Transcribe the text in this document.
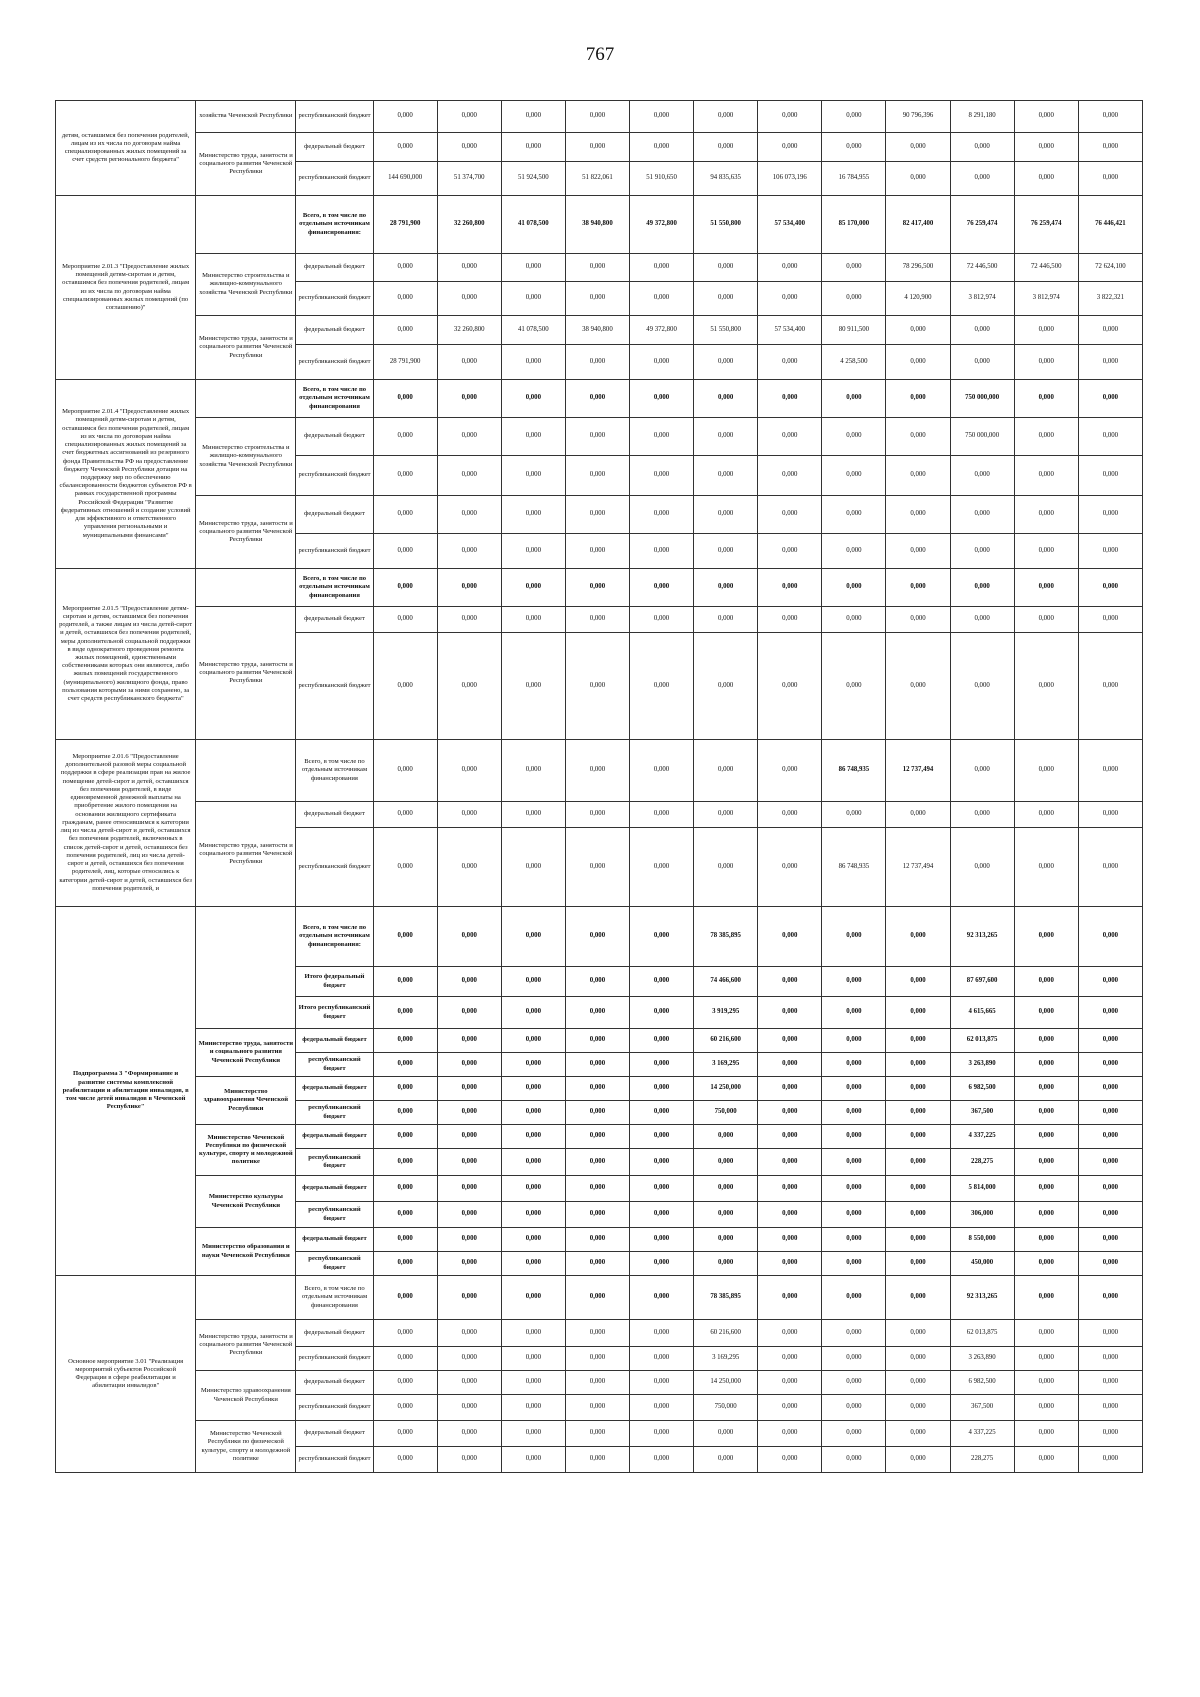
767
детям, оставшимся без попечения родителей, лицам из их числа по договорам найма специализированных жилых помещений за счет средств регионального бюджета"	хозяйства Чеченской Республики	республиканский бюджет	0,000	0,000	0,000	0,000	0,000	0,000	0,000	0,000	90 796,396	8 291,180	0,000	0,000
	Министерство труда, занятости и социального развития Чеченской Республики	федеральный бюджет	0,000	0,000	0,000	0,000	0,000	0,000	0,000	0,000	0,000	0,000	0,000	0,000
		республиканский бюджет	144 690,000	51 374,700	51 924,500	51 822,061	51 910,650	94 835,635	106 073,196	16 784,955	0,000	0,000	0,000	0,000
Мероприятие 2.01.3 "Предоставление жилых помещений детям-сиротам и детям, оставшимся без попечения родителей, лицам из их числа по договорам найма специализированных жилых помещений (по соглашению)"		Всего, в том числе по отдельным источникам финансирования:	28 791,900	32 260,800	41 078,500	38 940,800	49 372,800	51 550,800	57 534,400	85 170,000	82 417,400	76 259,474	76 259,474	76 446,421
	Министерство строительства и жилищно-коммунального хозяйства Чеченской Республики	федеральный бюджет	0,000	0,000	0,000	0,000	0,000	0,000	0,000	0,000	78 296,500	72 446,500	72 446,500	72 624,100
		республиканский бюджет	0,000	0,000	0,000	0,000	0,000	0,000	0,000	0,000	4 120,900	3 812,974	3 812,974	3 822,321
	Министерство труда, занятости и социального развития Чеченской Республики	федеральный бюджет	0,000	32 260,800	41 078,500	38 940,800	49 372,800	51 550,800	57 534,400	80 911,500	0,000	0,000	0,000	0,000
		республиканский бюджет	28 791,900	0,000	0,000	0,000	0,000	0,000	0,000	4 258,500	0,000	0,000	0,000	0,000
Мероприятие 2.01.4 "Предоставление жилых помещений детям-сиротам и детям, оставшимся без попечения родителей, лицам из их числа по договорам найма специализированных жилых помещений за счет бюджетных ассигнований из резервного фонда Правительства РФ на предоставление бюджету Чеченской Республики дотации на поддержку мер по обеспечению сбалансированности бюджетов субъектов РФ в рамках государственной программы Российской Федерации "Развитие федеративных отношений и создание условий для эффективного и ответственного управления региональными и муниципальными финансами"		Всего, в том числе по отдельным источникам финансирования	0,000	0,000	0,000	0,000	0,000	0,000	0,000	0,000	0,000	750 000,000	0,000	0,000
	Министерство строительства и жилищно-коммунального хозяйства Чеченской Республики	федеральный бюджет	0,000	0,000	0,000	0,000	0,000	0,000	0,000	0,000	0,000	750 000,000	0,000	0,000
		республиканский бюджет	0,000	0,000	0,000	0,000	0,000	0,000	0,000	0,000	0,000	0,000	0,000	0,000
	Министерство труда, занятости и социального развития Чеченской Республики	федеральный бюджет	0,000	0,000	0,000	0,000	0,000	0,000	0,000	0,000	0,000	0,000	0,000	0,000
		республиканский бюджет	0,000	0,000	0,000	0,000	0,000	0,000	0,000	0,000	0,000	0,000	0,000	0,000
Мероприятие 2.01.5 "Предоставление детям-сиротам и детям, оставшимся без попечения родителей, а также лицам из числа детей-сирот и детей, оставшихся без попечения родителей, меры дополнительной социальной поддержки в виде однократного проведения ремонта жилых помещений, единственными собственниками которых они являются, либо жилых помещений государственного (муниципального) жилищного фонда, право пользования которыми за ними сохранено, за счет средств республиканского бюджета"		Всего, в том числе по отдельным источникам финансирования	0,000	0,000	0,000	0,000	0,000	0,000	0,000	0,000	0,000	0,000	0,000	0,000
	Министерство труда, занятости и социального развития Чеченской Республики	федеральный бюджет	0,000	0,000	0,000	0,000	0,000	0,000	0,000	0,000	0,000	0,000	0,000	0,000
		республиканский бюджет	0,000	0,000	0,000	0,000	0,000	0,000	0,000	0,000	0,000	0,000	0,000	0,000
Мероприятие 2.01.6 "Предоставление дополнительной разовой меры социальной поддержки в сфере реализации прав на жилое помещение детей-сирот и детей, оставшихся без попечения родителей, в виде единовременной денежной выплаты на приобретение жилого помещения на основании жилищного сертификата гражданам, ранее относившимся к категории лиц из числа детей-сирот и детей, оставшихся без попечения родителей, включенных в список детей-сирот и детей, оставшихся без попечения родителей, лиц из числа детей-сирот и детей, оставшихся без попечения родителей, лиц, которые относились к категории детей-сирот и детей, оставшихся без попечения родителей, и		Всего, в том числе по отдельным источникам финансирования	0,000	0,000	0,000	0,000	0,000	0,000	0,000	86 748,935	12 737,494	0,000	0,000	0,000
	Министерство труда, занятости и социального развития Чеченской Республики	федеральный бюджет	0,000	0,000	0,000	0,000	0,000	0,000	0,000	0,000	0,000	0,000	0,000	0,000
		республиканский бюджет	0,000	0,000	0,000	0,000	0,000	0,000	0,000	86 748,935	12 737,494	0,000	0,000	0,000
Подпрограмма 3 "Формирование и развитие системы комплексной реабилитации и абилитации инвалидов, в том числе детей инвалидов в Чеченской Республике"		Всего, в том числе по отдельным источникам финансирования:	0,000	0,000	0,000	0,000	0,000	78 385,895	0,000	0,000	0,000	92 313,265	0,000	0,000
		Итого федеральный бюджет	0,000	0,000	0,000	0,000	0,000	74 466,600	0,000	0,000	0,000	87 697,600	0,000	0,000
		Итого республиканский бюджет	0,000	0,000	0,000	0,000	0,000	3 919,295	0,000	0,000	0,000	4 615,665	0,000	0,000
	Министерство труда, занятости и социального развития Чеченской Республики	федеральный бюджет	0,000	0,000	0,000	0,000	0,000	60 216,600	0,000	0,000	0,000	62 013,875	0,000	0,000
		республиканский бюджет	0,000	0,000	0,000	0,000	0,000	3 169,295	0,000	0,000	0,000	3 263,890	0,000	0,000
	Министерство здравоохранения Чеченской Республики	федеральный бюджет	0,000	0,000	0,000	0,000	0,000	14 250,000	0,000	0,000	0,000	6 982,500	0,000	0,000
		республиканский бюджет	0,000	0,000	0,000	0,000	0,000	750,000	0,000	0,000	0,000	367,500	0,000	0,000
	Министерство Чеченской Республики по физической культуре, спорту и молодежной политике	федеральный бюджет	0,000	0,000	0,000	0,000	0,000	0,000	0,000	0,000	0,000	4 337,225	0,000	0,000
		республиканский бюджет	0,000	0,000	0,000	0,000	0,000	0,000	0,000	0,000	0,000	228,275	0,000	0,000
	Министерство культуры Чеченской Республики	федеральный бюджет	0,000	0,000	0,000	0,000	0,000	0,000	0,000	0,000	0,000	5 814,000	0,000	0,000
		республиканский бюджет	0,000	0,000	0,000	0,000	0,000	0,000	0,000	0,000	0,000	306,000	0,000	0,000
	Министерство образования и науки Чеченской Республики	федеральный бюджет	0,000	0,000	0,000	0,000	0,000	0,000	0,000	0,000	0,000	8 550,000	0,000	0,000
		республиканский бюджет	0,000	0,000	0,000	0,000	0,000	0,000	0,000	0,000	0,000	450,000	0,000	0,000
Основное мероприятие 3.01 "Реализация мероприятий субъектов Российской Федерации в сфере реабилитации и абилитации инвалидов"		Всего, в том числе по отдельным источникам финансирования	0,000	0,000	0,000	0,000	0,000	78 385,895	0,000	0,000	0,000	92 313,265	0,000	0,000
	Министерство труда, занятости и социального развития Чеченской Республики	федеральный бюджет	0,000	0,000	0,000	0,000	0,000	60 216,600	0,000	0,000	0,000	62 013,875	0,000	0,000
		республиканский бюджет	0,000	0,000	0,000	0,000	0,000	3 169,295	0,000	0,000	0,000	3 263,890	0,000	0,000
	Министерство здравоохранения Чеченской Республики	федеральный бюджет	0,000	0,000	0,000	0,000	0,000	14 250,000	0,000	0,000	0,000	6 982,500	0,000	0,000
		республиканский бюджет	0,000	0,000	0,000	0,000	0,000	750,000	0,000	0,000	0,000	367,500	0,000	0,000
	Министерство Чеченской Республики по физической культуре, спорту и молодежной политике	федеральный бюджет	0,000	0,000	0,000	0,000	0,000	0,000	0,000	0,000	0,000	4 337,225	0,000	0,000
		республиканский бюджет	0,000	0,000	0,000	0,000	0,000	0,000	0,000	0,000	0,000	228,275	0,000	0,000
